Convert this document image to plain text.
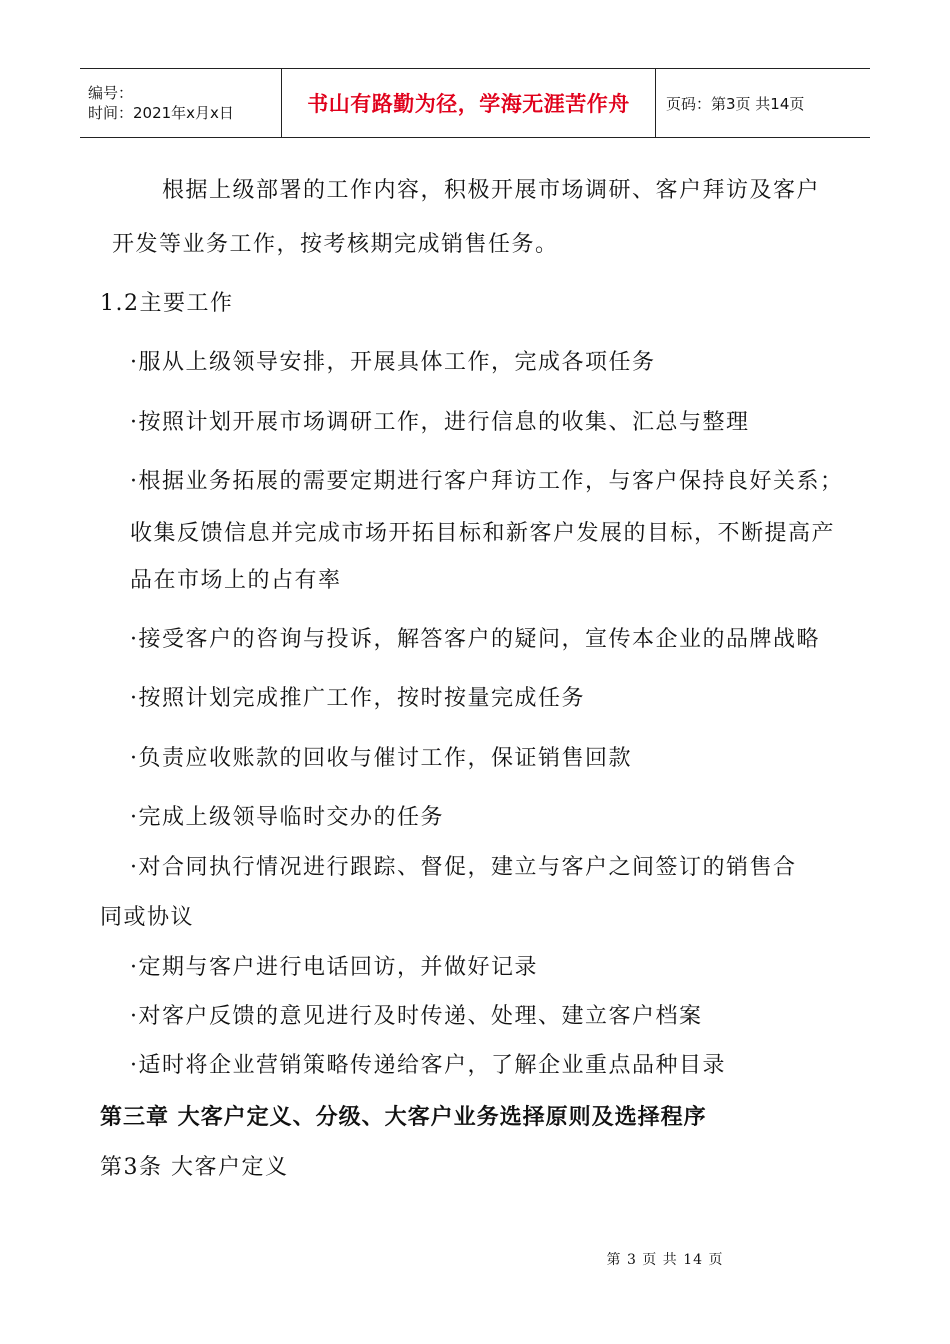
编号：
时间：2021年x月x日	书山有路勤为径，学海无涯苦作舟 页码：第3页 共14页
根据上级部署的工作内容，积极开展市场调研、客户拜访及客户
开发等业务工作，按考核期完成销售任务。
1.2主要工作
·服从上级领导安排，开展具体工作，完成各项任务
·按照计划开展市场调研工作，进行信息的收集、汇总与整理
·根据业务拓展的需要定期进行客户拜访工作，与客户保持良好关系；
收集反馈信息并完成市场开拓目标和新客户发展的目标，不断提高产
品在市场上的占有率
·接受客户的咨询与投诉，解答客户的疑问，宣传本企业的品牌战略
·按照计划完成推广工作，按时按量完成任务
·负责应收账款的回收与催讨工作，保证销售回款
·完成上级领导临时交办的任务
·对合同执行情况进行跟踪、督促，建立与客户之间签订的销售合
同或协议
·定期与客户进行电话回访，并做好记录
·对客户反馈的意见进行及时传递、处理、建立客户档案
·适时将企业营销策略传递给客户，了解企业重点品种目录
第三章 大客户定义、分级、大客户业务选择原则及选择程序
第3条 大客户定义
第 3 页 共 14 页
